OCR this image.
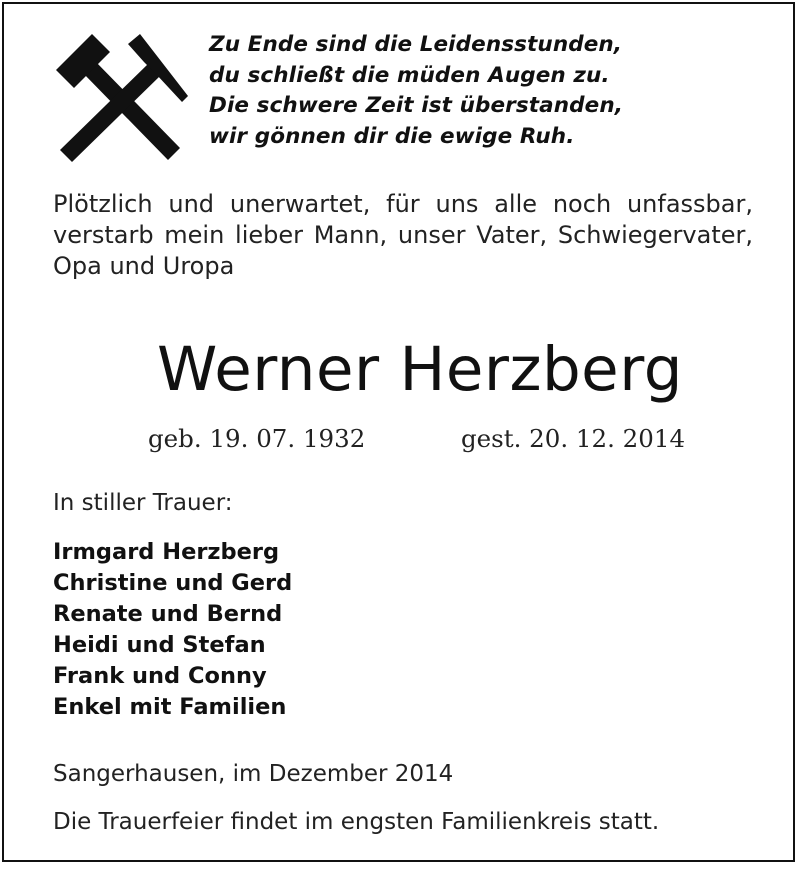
Zu Ende sind die Leidensstunden,
du schließt die müden Augen zu.
Die schwere Zeit ist überstanden,
wir gönnen dir die ewige Ruh.
Plötzlich und unerwartet, für uns alle noch unfassbar,
verstarb mein lieber Mann, unser Vater, Schwiegervater,
Opa und Uropa
Werner Herzberg
geb. 19. 07. 1932	gest. 20. 12. 2014
In stiller Trauer:
Irmgard Herzberg
Christine und Gerd
Renate und Bernd
Heidi und Stefan
Frank und Conny
Enkel mit Familien
Sangerhausen, im Dezember 2014
Die Trauerfeier findet im engsten Familienkreis statt.
